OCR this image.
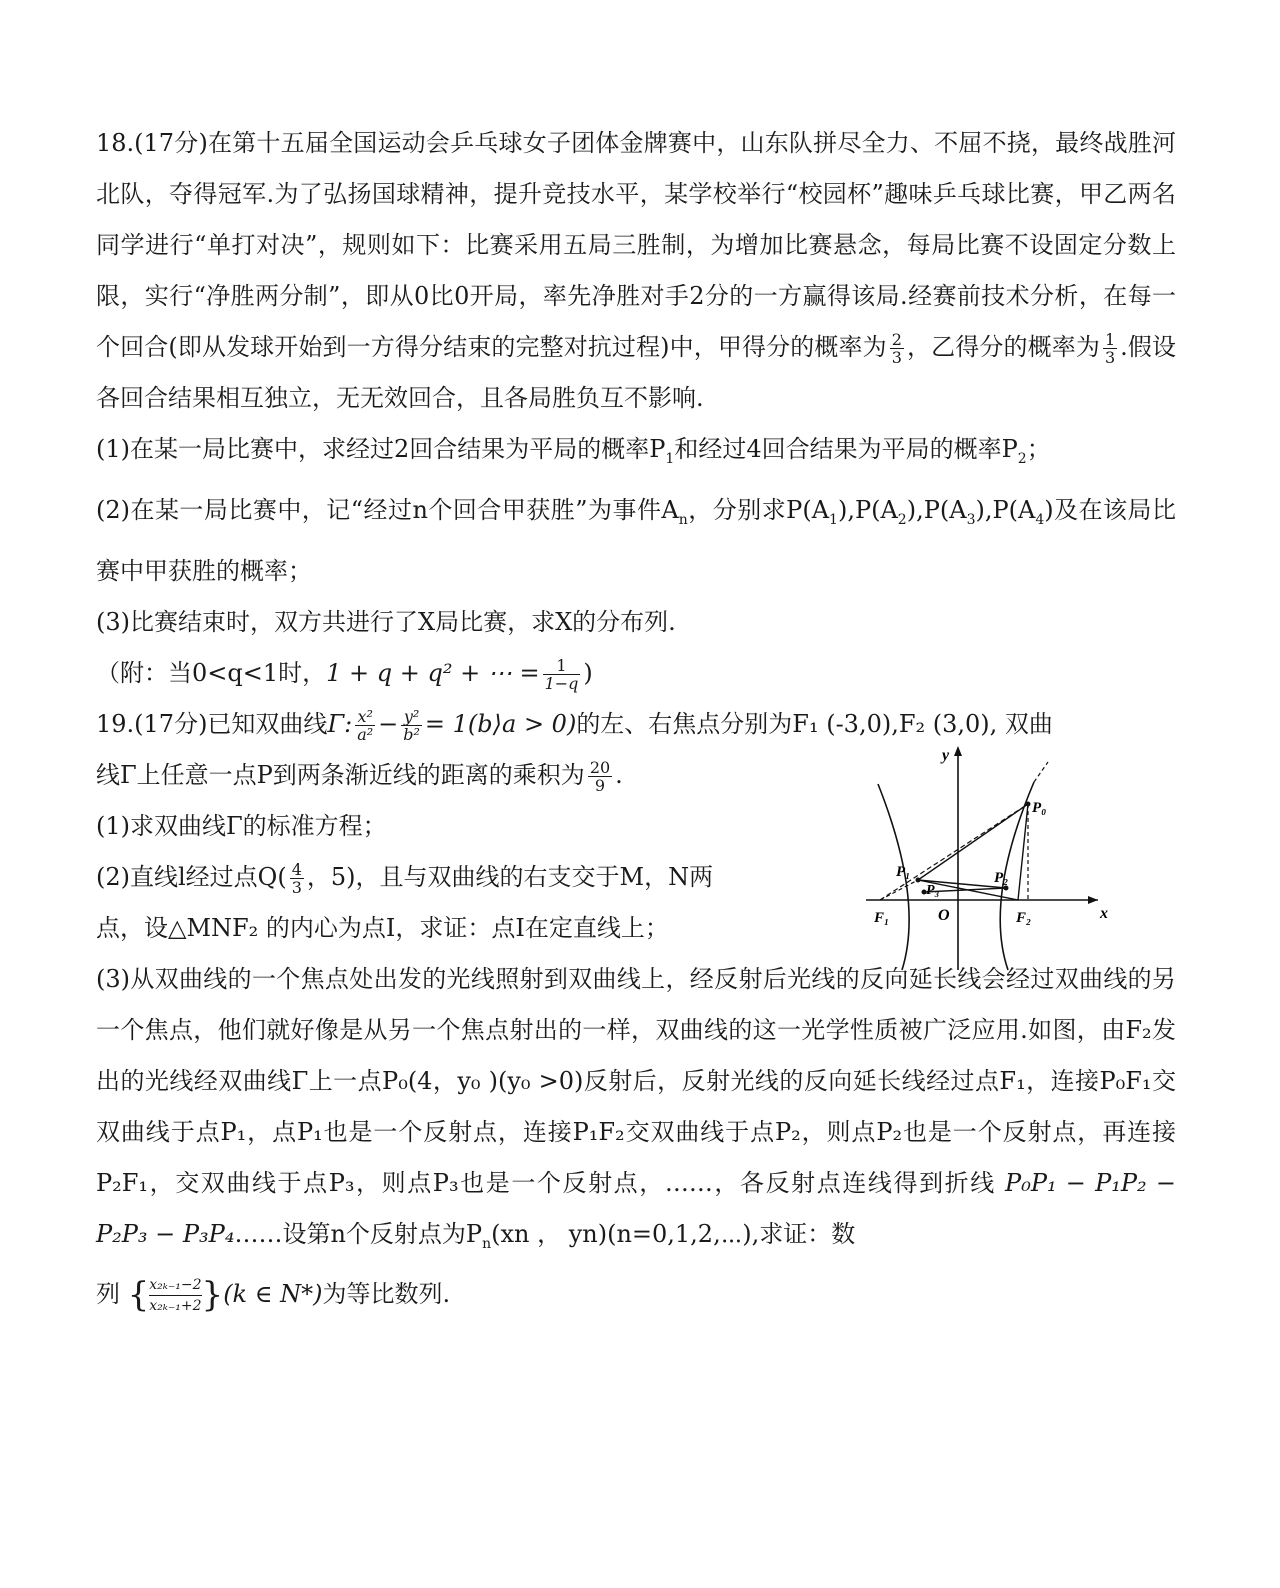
18.(17分)在第十五届全国运动会乒乓球女子团体金牌赛中，山东队拼尽全力、不屈不挠，最终战胜河北队，夺得冠军.为了弘扬国球精神，提升竞技水平，某学校举行“校园杯”趣味乒乓球比赛，甲乙两名同学进行“单打对决”，规则如下：比赛采用五局三胜制，为增加比赛悬念，每局比赛不设固定分数上限，实行“净胜两分制”，即从0比0开局，率先净胜对手2分的一方赢得该局.经赛前技术分析，在每一个回合(即从发球开始到一方得分结束的完整对抗过程)中，甲得分的概率为 $\frac{2}{3}$ ，乙得分的概率为 $\frac{1}{3}$ .假设各回合结果相互独立，无无效回合，且各局胜负互不影响.

(1)在某一局比赛中，求经过2回合结果为平局的概率$P_1$和经过4回合结果为平局的概率$P_2$；

(2)在某一局比赛中，记“经过n个回合甲获胜”为事件$A_n$，分别求$P(A_1),P(A_2),P(A_3),P(A_4)$及在该局比赛中甲获胜的概率；

(3)比赛结束时，双方共进行了X局比赛，求X的分布列.

（附：当0<q<1时，1 + q + q² + ⋯ = $\frac{1}{1-q}$ )

19.(17分)已知双曲线Γ: $\frac{\text{x²}}{\text{a²}} - \frac{\text{y²}}{\text{b²}}$ = 1(b⟩a > 0)的左、右焦点分别为F₁ (-3,0),F₂ (3,0), 双曲

y
x
O
F₁	F₂
P₀
P₁	P₂
P₃

线Γ上任意一点P到两条渐近线的距离的乘积为 $\frac{20}{9}$ .

(1)求双曲线Γ的标准方程；

(2)直线l经过点$Q( \frac{4}{3}$ ，5)，且与双曲线的右支交于M，N两

点，设△MNF₂ 的内心为点I，求证：点I在定直线上；

(3)从双曲线的一个焦点处出发的光线照射到双曲线上，经反射后光线的反向延长线会经过双曲线的另一个焦点，他们就好像是从另一个焦点射出的一样，双曲线的这一光学性质被广泛应用.如图，由F₂发出的光线经双曲线Γ上一点P₀(4，y₀ )(y₀ >0)反射后，反射光线的反向延长线经过点F₁，连接P₀F₁交双曲线于点P₁，点P₁也是一个反射点，连接P₁F₂交双曲线于点P₂，则点P₂也是一个反射点，再连接P₂F₁，交双曲线于点P₃，则点P₃也是一个反射点，……，各反射点连线得到折线 P₀P₁ − P₁P₂ − P₂P₃ − P₃P₄……设第n个反射点为$P_n(xn$ ， yn)(n=0,1,2,⋯),求证：数

列 { $\frac{\text{x₂ₖ₋₁−2}}{\text{x₂ₖ₋₁+2}} \}(k$ ∈ N*)为等比数列.
